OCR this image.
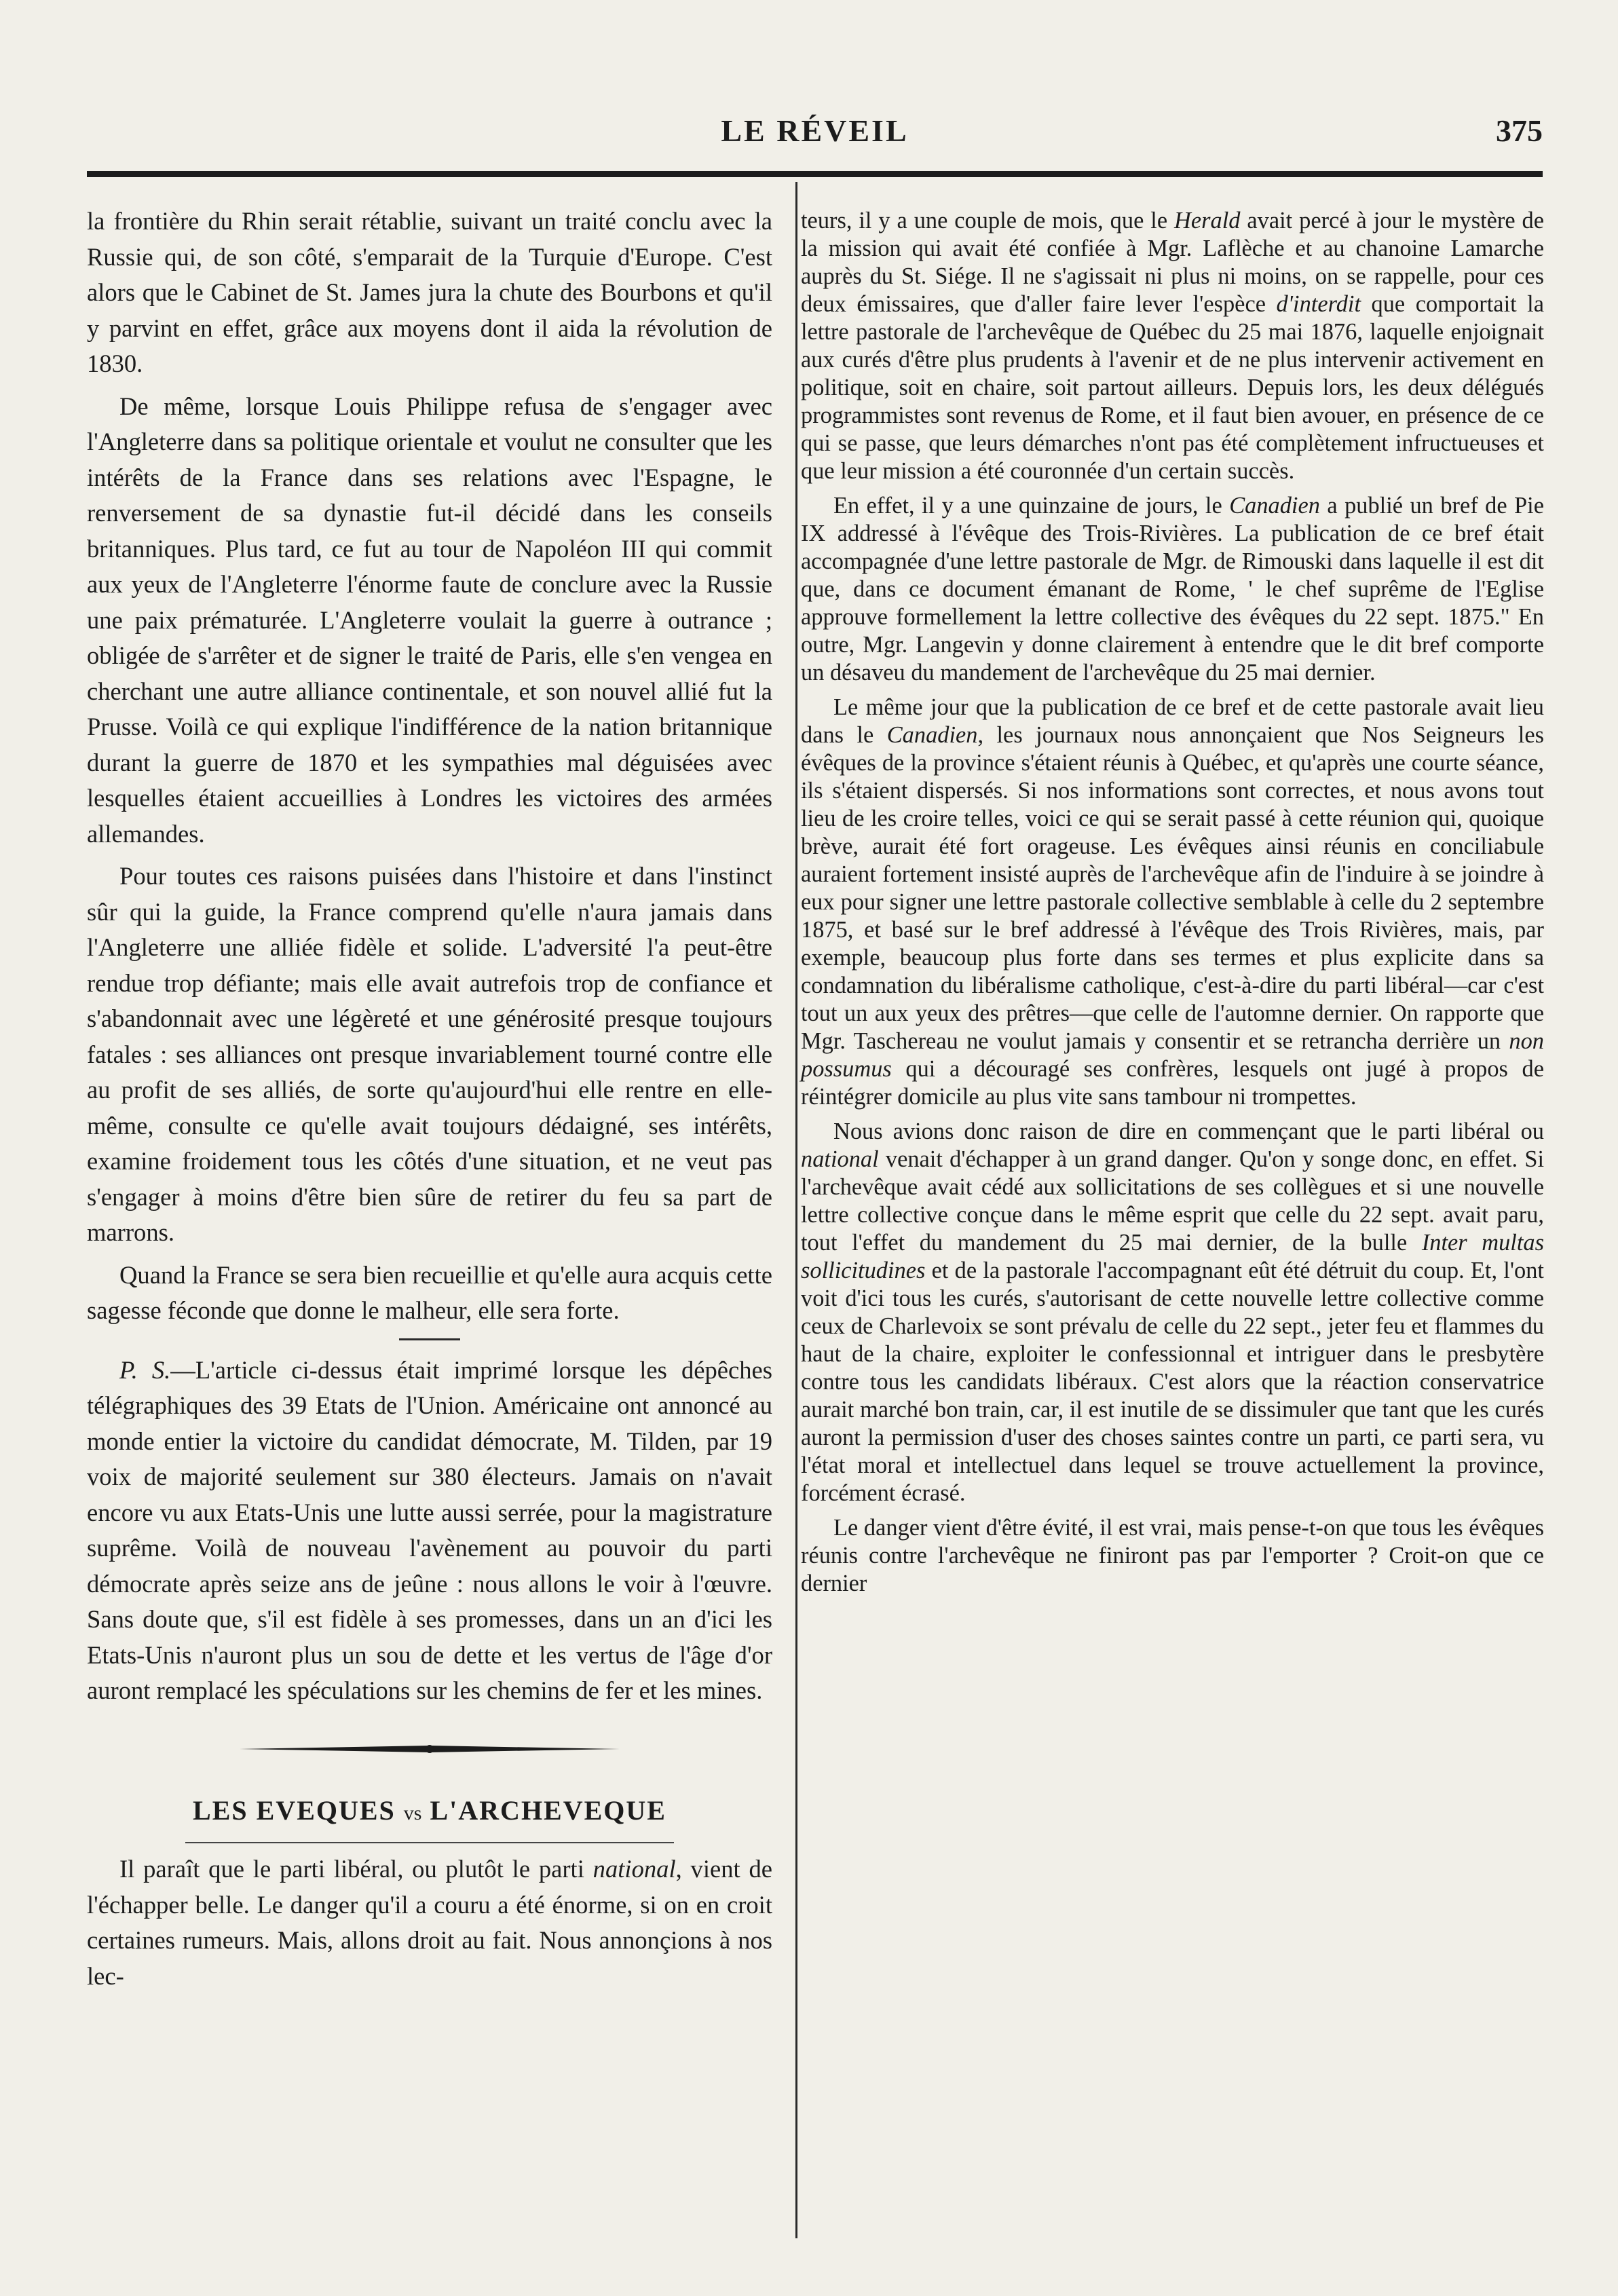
LE RÉVEIL	375

la frontière du Rhin serait rétablie, suivant un traité conclu avec la Russie qui, de son côté, s'emparait de la Turquie d'Europe. C'est alors que le Cabinet de St. James jura la chute des Bourbons et qu'il y parvint en effet, grâce aux moyens dont il aida la révolution de 1830.

De même, lorsque Louis Philippe refusa de s'engager avec l'Angleterre dans sa politique orientale et voulut ne consulter que les intérêts de la France dans ses relations avec l'Espagne, le renversement de sa dynastie fut-il décidé dans les conseils britanniques. Plus tard, ce fut au tour de Napoléon III qui commit aux yeux de l'Angleterre l'énorme faute de conclure avec la Russie une paix prématurée. L'Angleterre voulait la guerre à outrance ; obligée de s'arrêter et de signer le traité de Paris, elle s'en vengea en cherchant une autre alliance continentale, et son nouvel allié fut la Prusse. Voilà ce qui explique l'indifférence de la nation britannique durant la guerre de 1870 et les sympathies mal déguisées avec lesquelles étaient accueillies à Londres les victoires des armées allemandes.

Pour toutes ces raisons puisées dans l'histoire et dans l'instinct sûr qui la guide, la France comprend qu'elle n'aura jamais dans l'Angleterre une alliée fidèle et solide. L'adversité l'a peut-être rendue trop défiante; mais elle avait autrefois trop de confiance et s'abandonnait avec une légèreté et une générosité presque toujours fatales : ses alliances ont presque invariablement tourné contre elle au profit de ses alliés, de sorte qu'aujourd'hui elle rentre en elle-même, consulte ce qu'elle avait toujours dédaigné, ses intérêts, examine froidement tous les côtés d'une situation, et ne veut pas s'engager à moins d'être bien sûre de retirer du feu sa part de marrons.

Quand la France se sera bien recueillie et qu'elle aura acquis cette sagesse féconde que donne le malheur, elle sera forte.

P. S.—L'article ci-dessus était imprimé lorsque les dépêches télégraphiques des 39 Etats de l'Union. Américaine ont annoncé au monde entier la victoire du candidat démocrate, M. Tilden, par 19 voix de majorité seulement sur 380 électeurs. Jamais on n'avait encore vu aux Etats-Unis une lutte aussi serrée, pour la magistrature suprême. Voilà de nouveau l'avènement au pouvoir du parti démocrate après seize ans de jeûne : nous allons le voir à l'œuvre. Sans doute que, s'il est fidèle à ses promesses, dans un an d'ici les Etats-Unis n'auront plus un sou de dette et les vertus de l'âge d'or auront remplacé les spéculations sur les chemins de fer et les mines.

LES EVEQUES vs L'ARCHEVEQUE

Il paraît que le parti libéral, ou plutôt le parti national, vient de l'échapper belle. Le danger qu'il a couru a été énorme, si on en croit certaines rumeurs. Mais, allons droit au fait. Nous annonçions à nos lec-

teurs, il y a une couple de mois, que le Herald avait percé à jour le mystère de la mission qui avait été confiée à Mgr. Laflèche et au chanoine Lamarche auprès du St. Siége. Il ne s'agissait ni plus ni moins, on se rappelle, pour ces deux émissaires, que d'aller faire lever l'espèce d'interdit que comportait la lettre pastorale de l'archevêque de Québec du 25 mai 1876, laquelle enjoignait aux curés d'être plus prudents à l'avenir et de ne plus intervenir activement en politique, soit en chaire, soit partout ailleurs. Depuis lors, les deux délégués programmistes sont revenus de Rome, et il faut bien avouer, en présence de ce qui se passe, que leurs démarches n'ont pas été complètement infructueuses et que leur mission a été couronnée d'un certain succès.

En effet, il y a une quinzaine de jours, le Canadien a publié un bref de Pie IX addressé à l'évêque des Trois-Rivières. La publication de ce bref était accompagnée d'une lettre pastorale de Mgr. de Rimouski dans laquelle il est dit que, dans ce document émanant de Rome, ' le chef suprême de l'Eglise approuve formellement la lettre collective des évêques du 22 sept. 1875." En outre, Mgr. Langevin y donne clairement à entendre que le dit bref comporte un désaveu du mandement de l'archevêque du 25 mai dernier.

Le même jour que la publication de ce bref et de cette pastorale avait lieu dans le Canadien, les journaux nous annonçaient que Nos Seigneurs les évêques de la province s'étaient réunis à Québec, et qu'après une courte séance, ils s'étaient dispersés. Si nos informations sont correctes, et nous avons tout lieu de les croire telles, voici ce qui se serait passé à cette réunion qui, quoique brève, aurait été fort orageuse. Les évêques ainsi réunis en conciliabule auraient fortement insisté auprès de l'archevêque afin de l'induire à se joindre à eux pour signer une lettre pastorale collective semblable à celle du 2 septembre 1875, et basé sur le bref addressé à l'évêque des Trois Rivières, mais, par exemple, beaucoup plus forte dans ses termes et plus explicite dans sa condamnation du libéralisme catholique, c'est-à-dire du parti libéral—car c'est tout un aux yeux des prêtres—que celle de l'automne dernier. On rapporte que Mgr. Taschereau ne voulut jamais y consentir et se retrancha derrière un non possumus qui a découragé ses confrères, lesquels ont jugé à propos de réintégrer domicile au plus vite sans tambour ni trompettes.

Nous avions donc raison de dire en commençant que le parti libéral ou national venait d'échapper à un grand danger. Qu'on y songe donc, en effet. Si l'archevêque avait cédé aux sollicitations de ses collègues et si une nouvelle lettre collective conçue dans le même esprit que celle du 22 sept. avait paru, tout l'effet du mandement du 25 mai dernier, de la bulle Inter multas sollicitudines et de la pastorale l'accompagnant eût été détruit du coup. Et, l'ont voit d'ici tous les curés, s'autorisant de cette nouvelle lettre collective comme ceux de Charlevoix se sont prévalu de celle du 22 sept., jeter feu et flammes du haut de la chaire, exploiter le confessionnal et intriguer dans le presbytère contre tous les candidats libéraux. C'est alors que la réaction conservatrice aurait marché bon train, car, il est inutile de se dissimuler que tant que les curés auront la permission d'user des choses saintes contre un parti, ce parti sera, vu l'état moral et intellectuel dans lequel se trouve actuellement la province, forcément écrasé.

Le danger vient d'être évité, il est vrai, mais pense-t-on que tous les évêques réunis contre l'archevêque ne finiront pas par l'emporter ? Croit-on que ce dernier
